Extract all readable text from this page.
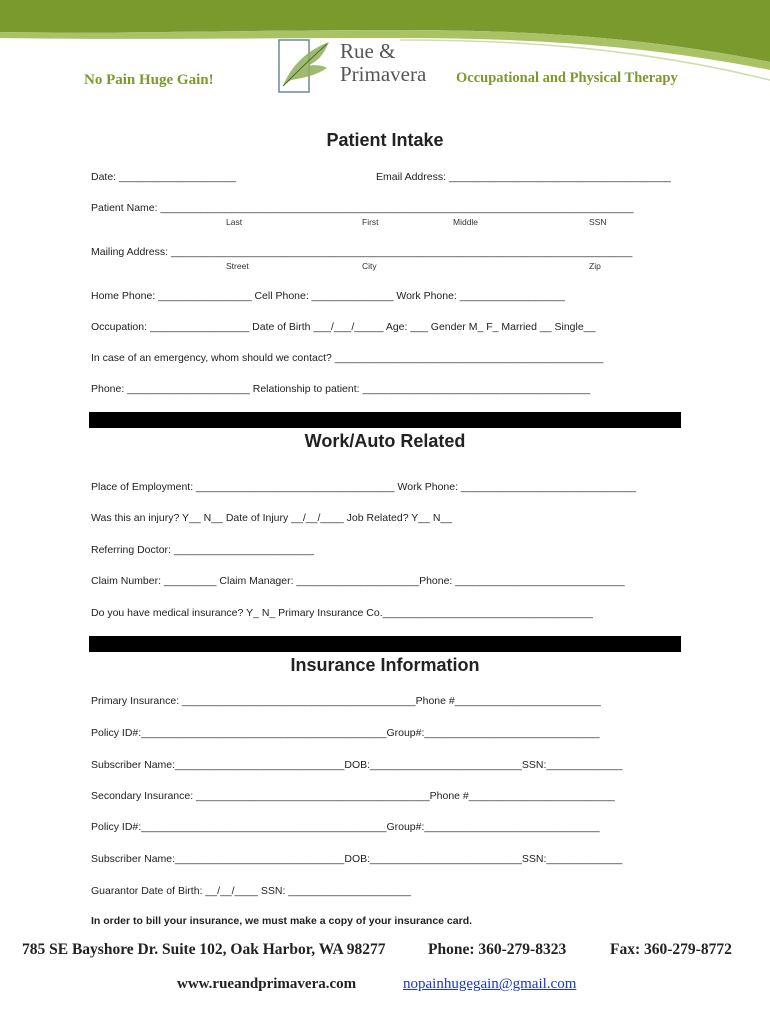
No Pain Huge Gain!
Rue &
Primavera Occupational and Physical Therapy
Patient Intake
Date: ____________________	Email Address: ______________________________________
Patient Name: _________________________________________________________________________________
Last	First	Middle	SSN
Mailing Address: _______________________________________________________________________________
Street	City	Zip
Home Phone: ________________ Cell Phone: ______________ Work Phone: __________________
Occupation: _________________ Date of Birth ___/___/_____ Age: ___ Gender M_ F_ Married __ Single__
In case of an emergency, whom should we contact? ______________________________________________
Phone: _____________________ Relationship to patient: _______________________________________
Work/Auto Related
Place of Employment: __________________________________ Work Phone: ______________________________
Was this an injury? Y__ N__ Date of Injury __/__/____ Job Related? Y__ N__
Referring Doctor: ________________________
Claim Number: _________ Claim Manager: _____________________Phone: _____________________________
Do you have medical insurance? Y_ N_ Primary Insurance Co.____________________________________
Insurance Information
Primary Insurance: ________________________________________Phone #_________________________
Policy ID#:__________________________________________Group#:______________________________
Subscriber Name:_____________________________DOB:__________________________SSN:_____________
Secondary Insurance: ________________________________________Phone #_________________________
Policy ID#:__________________________________________Group#:______________________________
Subscriber Name:_____________________________DOB:__________________________SSN:_____________
Guarantor Date of Birth: __/__/____ SSN: _____________________
In order to bill your insurance, we must make a copy of your insurance card.
785 SE Bayshore Dr. Suite 102, Oak Harbor, WA 98277	Phone: 360-279-8323	Fax: 360-279-8772
www.rueandprimavera.com	nopainhugegain@gmail.com
